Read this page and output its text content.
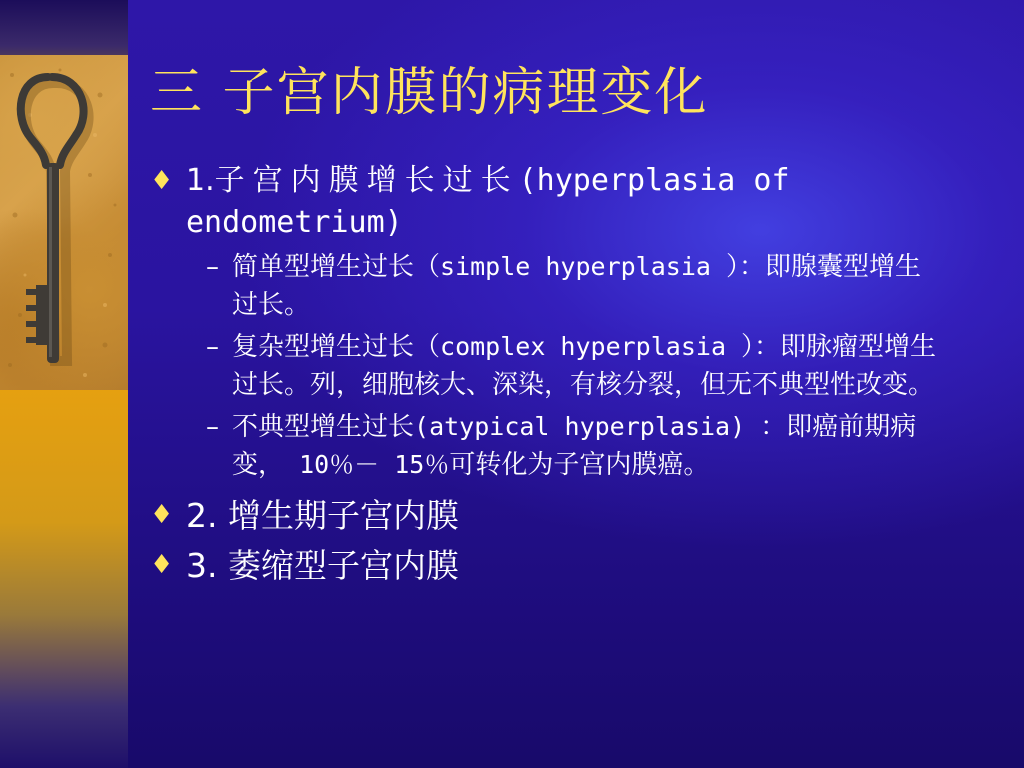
三 子宫内膜的病理变化
♦ 1.子宫内膜增长过长(hyperplasia of endometrium)
– 简单型增生过长（simple hyperplasia ）：即腺囊型增生过长。
– 复杂型增生过长（complex hyperplasia ）：即脉瘤型增生过长。列，细胞核大、深染，有核分裂，但无不典型性改变。
– 不典型增生过长(atypical hyperplasia) ：即癌前期病变， 10％－ 15％可转化为子宫内膜癌。
♦ 2. 增生期子宫内膜
♦ 3. 萎缩型子宫内膜
